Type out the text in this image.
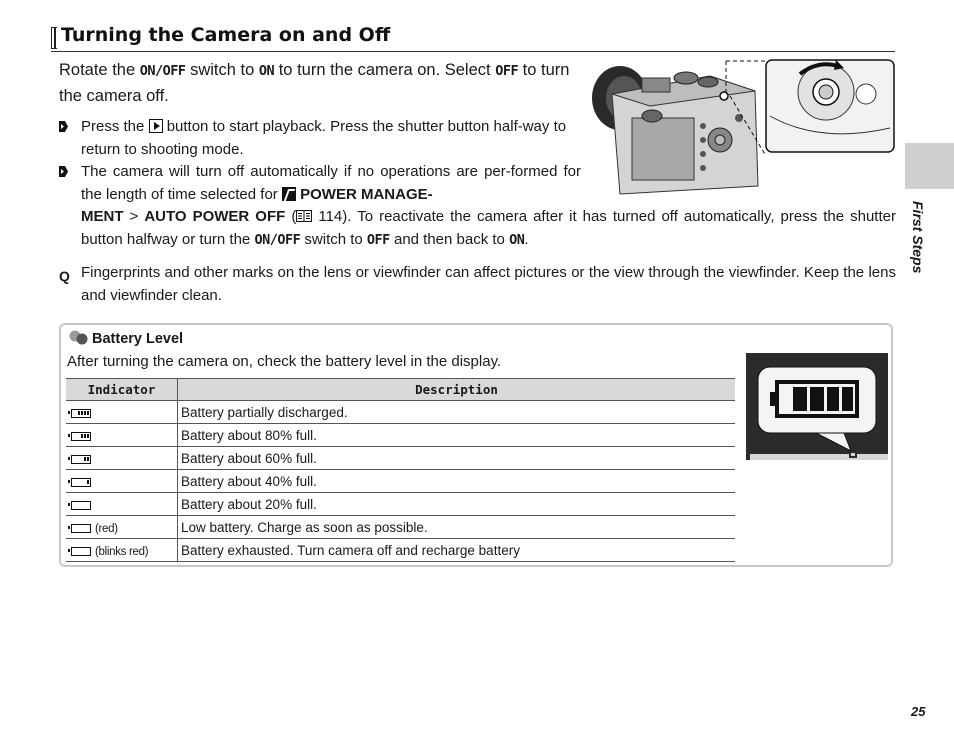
Turning the Camera on and Off
Rotate the ON/OFF switch to ON to turn the camera on. Select OFF to turn the camera off.
Press the  button to start playback. Press the shutter button half-way to return to shooting mode.
The camera will turn off automatically if no operations are per-formed for the length of time selected for  POWER MANAGE-
MENT > AUTO POWER OFF ( 114). To reactivate the camera after it has turned off automatically, press the shutter button halfway or turn the ON/OFF switch to OFF and then back to ON.
Q Fingerprints and other marks on the lens or viewfinder can affect pictures or the view through the viewfinder. Keep the lens and viewfinder clean.
First Steps
Battery Level
After turning the camera on, check the battery level in the display.
Indicator	Description

	Battery partially discharged.

	Battery about 80% full.

	Battery about 60% full.

	Battery about 40% full.

	Battery about 20% full.

(red)	Low battery. Charge as soon as possible.

(blinks red)	Battery exhausted. Turn camera off and recharge battery
25
